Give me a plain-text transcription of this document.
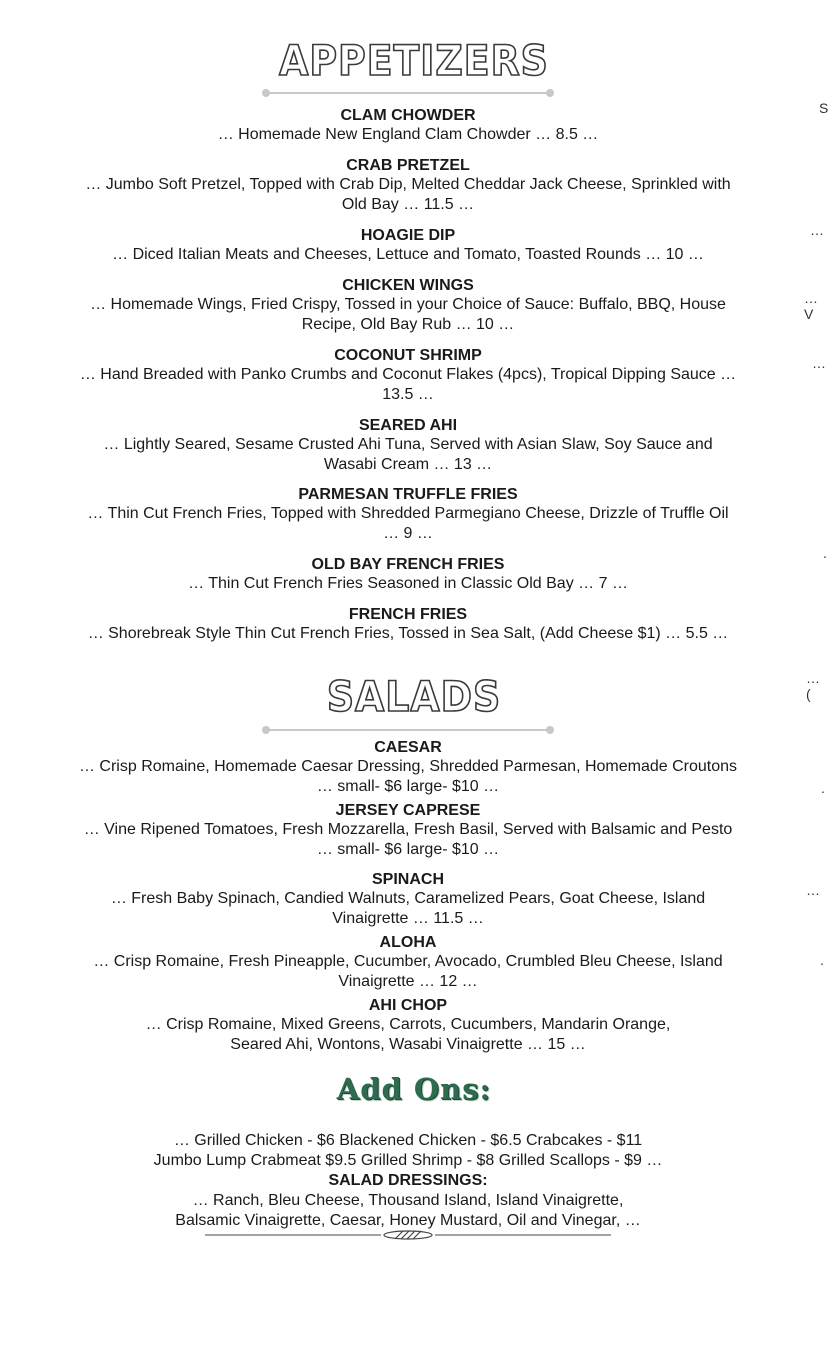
APPETIZERS

CLAM CHOWDER

… Homemade New England Clam Chowder … 8.5 …

CRAB PRETZEL

… Jumbo Soft Pretzel, Topped with Crab Dip, Melted Cheddar Jack Cheese, Sprinkled with Old Bay … 11.5 …

HOAGIE DIP

… Diced Italian Meats and Cheeses, Lettuce and Tomato, Toasted Rounds … 10 …

CHICKEN WINGS

… Homemade Wings, Fried Crispy, Tossed in your Choice of Sauce: Buffalo, BBQ, House Recipe, Old Bay Rub … 10 …

COCONUT SHRIMP

… Hand Breaded with Panko Crumbs and Coconut Flakes (4pcs), Tropical Dipping Sauce … 13.5 …

SEARED AHI

… Lightly Seared, Sesame Crusted Ahi Tuna, Served with Asian Slaw, Soy Sauce and Wasabi Cream … 13 …

PARMESAN TRUFFLE FRIES

… Thin Cut French Fries, Topped with Shredded Parmegiano Cheese, Drizzle of Truffle Oil … 9 …

OLD BAY FRENCH FRIES

… Thin Cut French Fries Seasoned in Classic Old Bay … 7 …

FRENCH FRIES

… Shorebreak Style Thin Cut French Fries, Tossed in Sea Salt, (Add Cheese $1) … 5.5 …

SALADS

CAESAR

… Crisp Romaine, Homemade Caesar Dressing, Shredded Parmesan, Homemade Croutons … small- $6 large- $10 …

JERSEY CAPRESE

… Vine Ripened Tomatoes, Fresh Mozzarella, Fresh Basil, Served with Balsamic and Pesto … small- $6 large- $10 …

SPINACH

… Fresh Baby Spinach, Candied Walnuts, Caramelized Pears, Goat Cheese, Island Vinaigrette … 11.5 …

ALOHA

… Crisp Romaine, Fresh Pineapple, Cucumber, Avocado, Crumbled Bleu Cheese, Island Vinaigrette … 12 …

AHI CHOP

… Crisp Romaine, Mixed Greens, Carrots, Cucumbers, Mandarin Orange, Seared Ahi, Wontons, Wasabi Vinaigrette … 15 …

Add Ons:
… Grilled Chicken - $6 Blackened Chicken - $6.5 Crabcakes - $11
Jumbo Lump Crabmeat $9.5 Grilled Shrimp - $8 Grilled Scallops - $9 …
SALAD DRESSINGS:
… Ranch, Bleu Cheese, Thousand Island, Island Vinaigrette,
Balsamic Vinaigrette, Caesar, Honey Mustard, Oil and Vinegar, …
S
…
… V
…
.
… (
.
…
.
